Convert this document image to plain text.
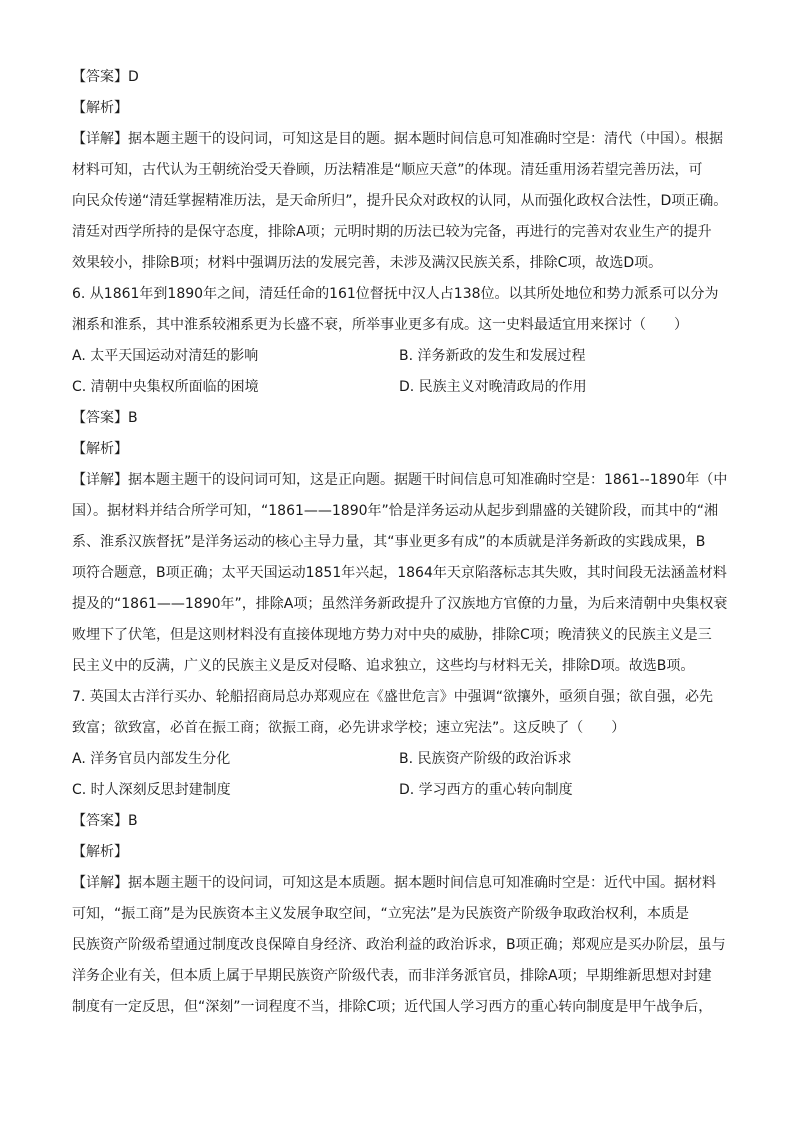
【答案】D
【解析】
【详解】据本题主题干的设问词，可知这是目的题。据本题时间信息可知准确时空是：清代（中国）。根据
材料可知，古代认为王朝统治受天眷顾，历法精准是“顺应天意”的体现。清廷重用汤若望完善历法，可
向民众传递“清廷掌握精准历法，是天命所归”，提升民众对政权的认同，从而强化政权合法性，D项正确。
清廷对西学所持的是保守态度，排除A项；元明时期的历法已较为完备，再进行的完善对农业生产的提升
效果较小，排除B项；材料中强调历法的发展完善，未涉及满汉民族关系，排除C项，故选D项。
6. 从1861年到1890年之间，清廷任命的161位督抚中汉人占138位。以其所处地位和势力派系可以分为
湘系和淮系，其中淮系较湘系更为长盛不衰，所举事业更多有成。这一史料最适宜用来探讨（　　）
A. 太平天国运动对清廷的影响	B. 洋务新政的发生和发展过程
C. 清朝中央集权所面临的困境	D. 民族主义对晚清政局的作用
【答案】B
【解析】
【详解】据本题主题干的设问词可知，这是正向题。据题干时间信息可知准确时空是：1861--1890年（中
国）。据材料并结合所学可知，“1861——1890年”恰是洋务运动从起步到鼎盛的关键阶段，而其中的“湘
系、淮系汉族督抚”是洋务运动的核心主导力量，其“事业更多有成”的本质就是洋务新政的实践成果，B
项符合题意，B项正确；太平天国运动1851年兴起，1864年天京陷落标志其失败，其时间段无法涵盖材料
提及的“1861——1890年”，排除A项；虽然洋务新政提升了汉族地方官僚的力量，为后来清朝中央集权衰
败埋下了伏笔，但是这则材料没有直接体现地方势力对中央的威胁，排除C项；晚清狭义的民族主义是三
民主义中的反满，广义的民族主义是反对侵略、追求独立，这些均与材料无关，排除D项。故选B项。
7. 英国太古洋行买办、轮船招商局总办郑观应在《盛世危言》中强调“欲攘外，亟须自强；欲自强，必先
致富；欲致富，必首在振工商；欲振工商，必先讲求学校；速立宪法”。这反映了（　　）
A. 洋务官员内部发生分化	B. 民族资产阶级的政治诉求
C. 时人深刻反思封建制度	D. 学习西方的重心转向制度
【答案】B
【解析】
【详解】据本题主题干的设问词，可知这是本质题。据本题时间信息可知准确时空是：近代中国。据材料
可知，“振工商”是为民族资本主义发展争取空间，“立宪法”是为民族资产阶级争取政治权利，本质是
民族资产阶级希望通过制度改良保障自身经济、政治利益的政治诉求，B项正确；郑观应是买办阶层，虽与
洋务企业有关，但本质上属于早期民族资产阶级代表，而非洋务派官员，排除A项；早期维新思想对封建
制度有一定反思，但“深刻”一词程度不当，排除C项；近代国人学习西方的重心转向制度是甲午战争后，
